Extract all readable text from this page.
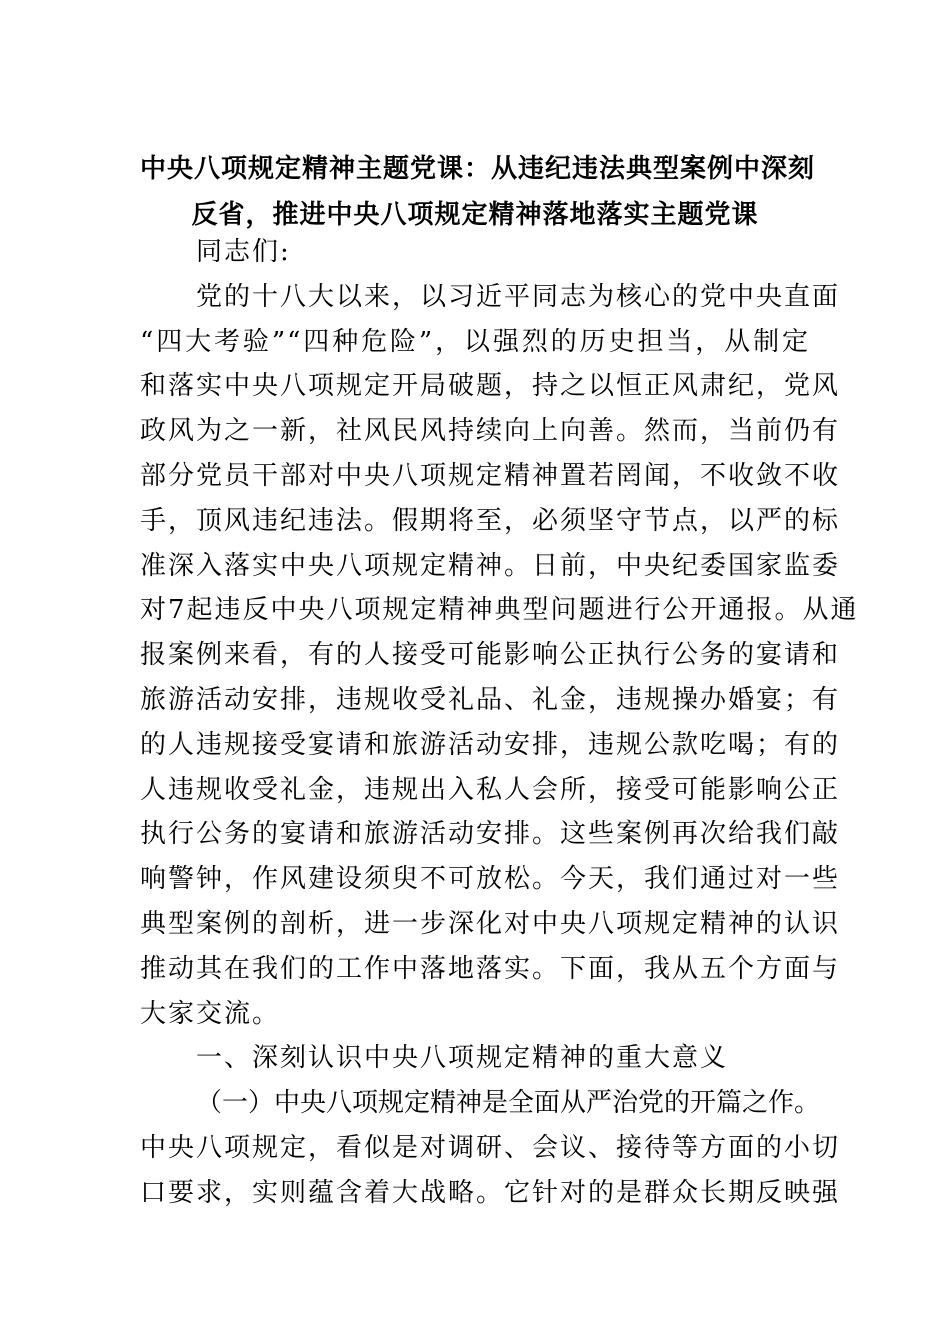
中央八项规定精神主题党课：从违纪违法典型案例中深刻
反省，推进中央八项规定精神落地落实主题党课

同志们:

党的十八大以来，以习近平同志为核心的党中央直面
“四大考验”“四种危险”，以强烈的历史担当，从制定
和落实中央八项规定开局破题，持之以恒正风肃纪，党风
政风为之一新，社风民风持续向上向善。然而，当前仍有
部分党员干部对中央八项规定精神置若罔闻，不收敛不收
手，顶风违纪违法。假期将至，必须坚守节点，以严的标
准深入落实中央八项规定精神。日前，中央纪委国家监委
对7起违反中央八项规定精神典型问题进行公开通报。从通
报案例来看，有的人接受可能影响公正执行公务的宴请和
旅游活动安排，违规收受礼品、礼金，违规操办婚宴；有
的人违规接受宴请和旅游活动安排，违规公款吃喝；有的
人违规收受礼金，违规出入私人会所，接受可能影响公正
执行公务的宴请和旅游活动安排。这些案例再次给我们敲
响警钟，作风建设须臾不可放松。今天，我们通过对一些
典型案例的剖析，进一步深化对中央八项规定精神的认识
推动其在我们的工作中落地落实。下面，我从五个方面与
大家交流。

一、深刻认识中央八项规定精神的重大意义

（一）中央八项规定精神是全面从严治党的开篇之作。
中央八项规定，看似是对调研、会议、接待等方面的小切
口要求，实则蕴含着大战略。它针对的是群众长期反映强
